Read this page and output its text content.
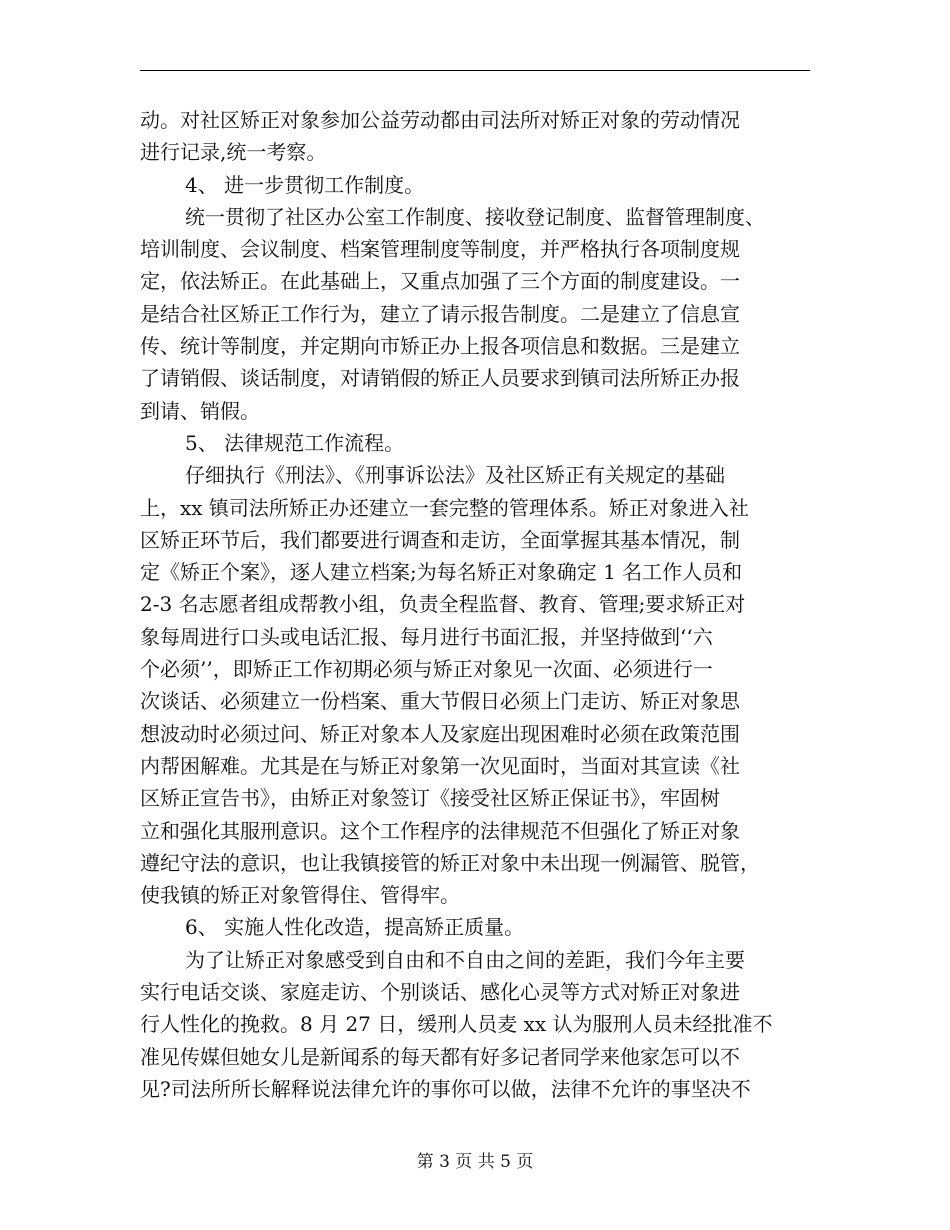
动。对社区矫正对象参加公益劳动都由司法所对矫正对象的劳动情况
进行记录,统一考察。
4、 进一步贯彻工作制度。
统一贯彻了社区办公室工作制度、接收登记制度、监督管理制度、
培训制度、会议制度、档案管理制度等制度，并严格执行各项制度规
定，依法矫正。在此基础上，又重点加强了三个方面的制度建设。一
是结合社区矫正工作行为，建立了请示报告制度。二是建立了信息宣
传、统计等制度，并定期向市矫正办上报各项信息和数据。三是建立
了请销假、谈话制度，对请销假的矫正人员要求到镇司法所矫正办报
到请、销假。
5、 法律规范工作流程。
仔细执行《刑法》、《刑事诉讼法》及社区矫正有关规定的基础
上，xx 镇司法所矫正办还建立一套完整的管理体系。矫正对象进入社
区矫正环节后，我们都要进行调查和走访，全面掌握其基本情况，制
定《矫正个案》，逐人建立档案;为每名矫正对象确定 1 名工作人员和
2-3 名志愿者组成帮教小组，负责全程监督、教育、管理;要求矫正对
象每周进行口头或电话汇报、每月进行书面汇报，并坚持做到‘‘六
个必须’’，即矫正工作初期必须与矫正对象见一次面、必须进行一
次谈话、必须建立一份档案、重大节假日必须上门走访、矫正对象思
想波动时必须过问、矫正对象本人及家庭出现困难时必须在政策范围
内帮困解难。尤其是在与矫正对象第一次见面时，当面对其宣读《社
区矫正宣告书》，由矫正对象签订《接受社区矫正保证书》，牢固树
立和强化其服刑意识。这个工作程序的法律规范不但强化了矫正对象
遵纪守法的意识，也让我镇接管的矫正对象中未出现一例漏管、脱管，
使我镇的矫正对象管得住、管得牢。
6、 实施人性化改造，提高矫正质量。
为了让矫正对象感受到自由和不自由之间的差距，我们今年主要
实行电话交谈、家庭走访、个别谈话、感化心灵等方式对矫正对象进
行人性化的挽救。8 月 27 日，缓刑人员麦 xx 认为服刑人员未经批准不
准见传媒但她女儿是新闻系的每天都有好多记者同学来他家怎可以不
见?司法所所长解释说法律允许的事你可以做，法律不允许的事坚决不
第 3 页 共 5 页
